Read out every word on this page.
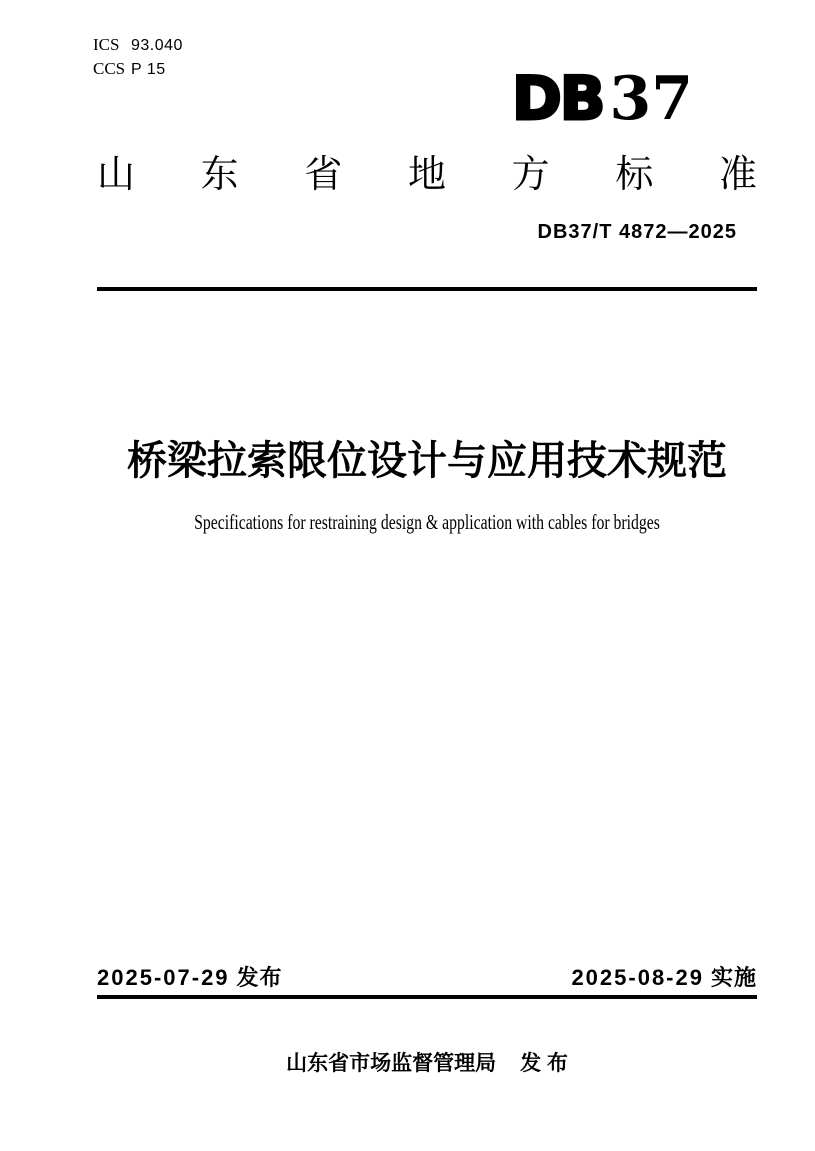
ICS 93.040
CCS P 15	DB 37
山东省地方标准
DB37/T 4872—2025
桥梁拉索限位设计与应用技术规范
Specifications for restraining design & application with cables for bridges
2025-07-29 发布	2025-08-29 实施
山东省市场监督管理局 发 布
